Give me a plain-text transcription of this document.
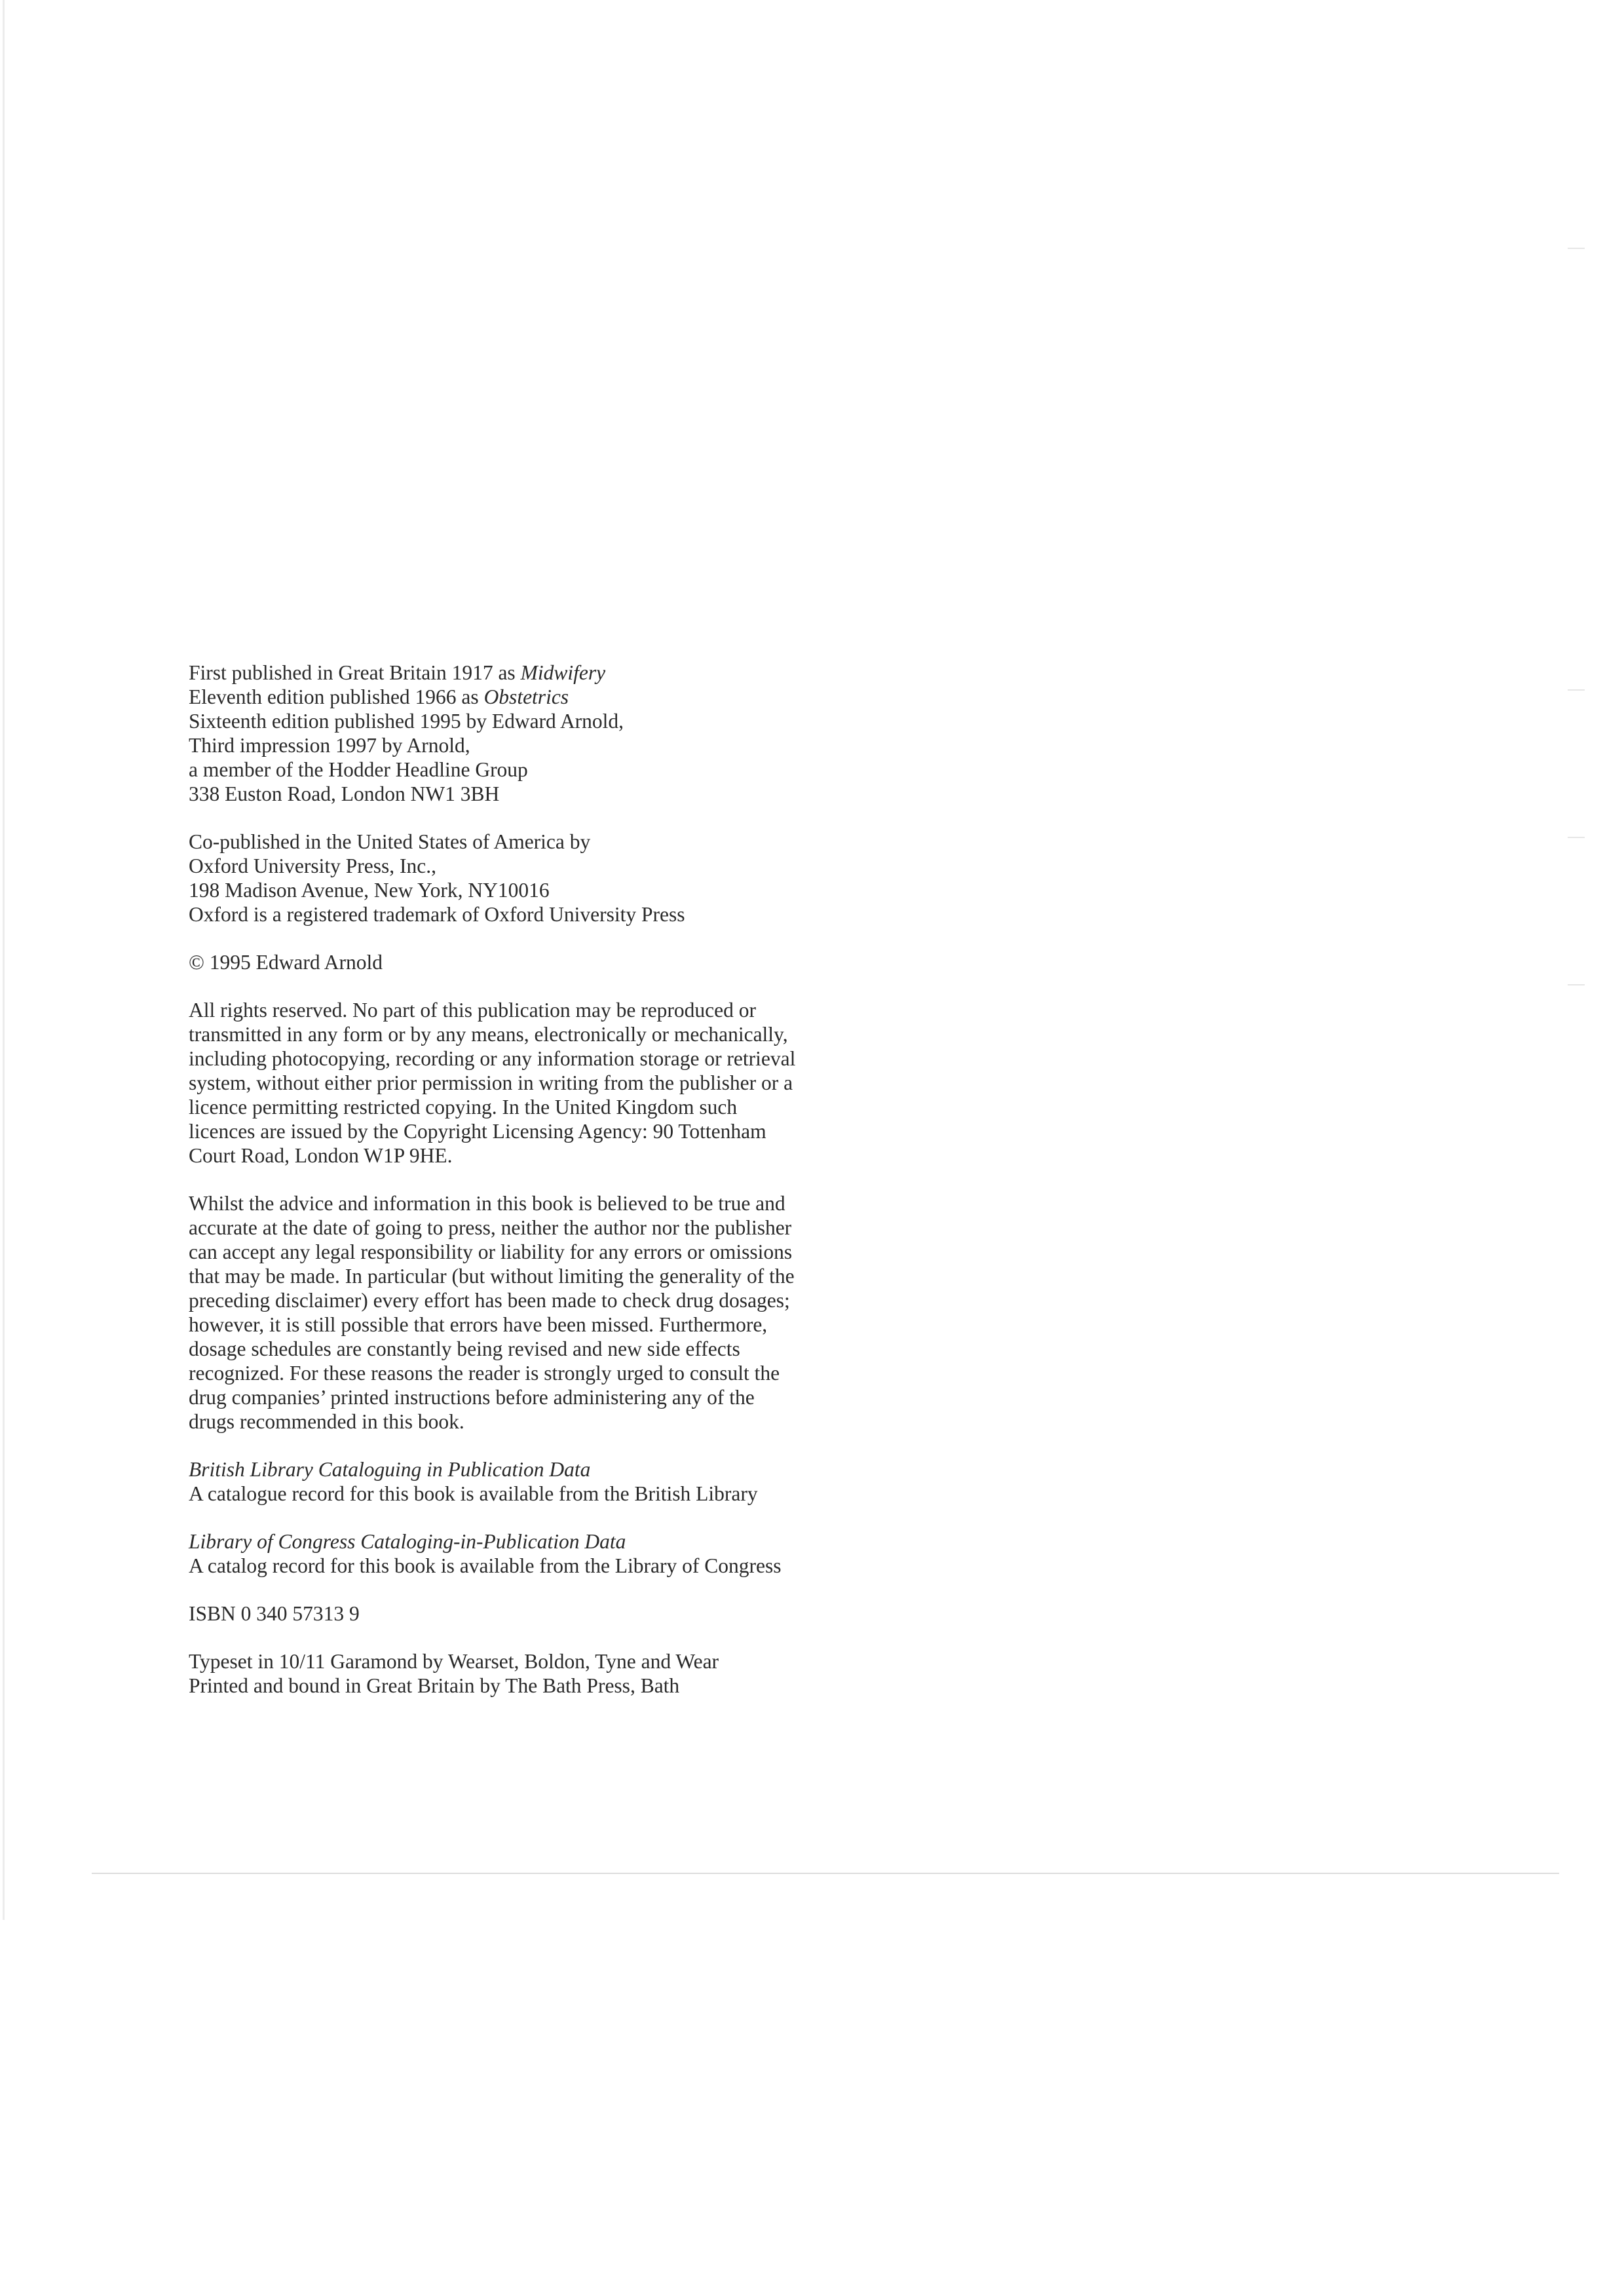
First published in Great Britain 1917 as Midwifery
Eleventh edition published 1966 as Obstetrics
Sixteenth edition published 1995 by Edward Arnold,
Third impression 1997 by Arnold,
a member of the Hodder Headline Group
338 Euston Road, London NW1 3BH
Co-published in the United States of America by
Oxford University Press, Inc.,
198 Madison Avenue, New York, NY10016
Oxford is a registered trademark of Oxford University Press
© 1995 Edward Arnold
All rights reserved. No part of this publication may be reproduced or
transmitted in any form or by any means, electronically or mechanically,
including photocopying, recording or any information storage or retrieval
system, without either prior permission in writing from the publisher or a
licence permitting restricted copying. In the United Kingdom such
licences are issued by the Copyright Licensing Agency: 90 Tottenham
Court Road, London W1P 9HE.
Whilst the advice and information in this book is believed to be true and
accurate at the date of going to press, neither the author nor the publisher
can accept any legal responsibility or liability for any errors or omissions
that may be made. In particular (but without limiting the generality of the
preceding disclaimer) every effort has been made to check drug dosages;
however, it is still possible that errors have been missed. Furthermore,
dosage schedules are constantly being revised and new side effects
recognized. For these reasons the reader is strongly urged to consult the
drug companies’ printed instructions before administering any of the
drugs recommended in this book.
British Library Cataloguing in Publication Data
A catalogue record for this book is available from the British Library
Library of Congress Cataloging-in-Publication Data
A catalog record for this book is available from the Library of Congress
ISBN 0 340 57313 9
Typeset in 10/11 Garamond by Wearset, Boldon, Tyne and Wear
Printed and bound in Great Britain by The Bath Press, Bath
